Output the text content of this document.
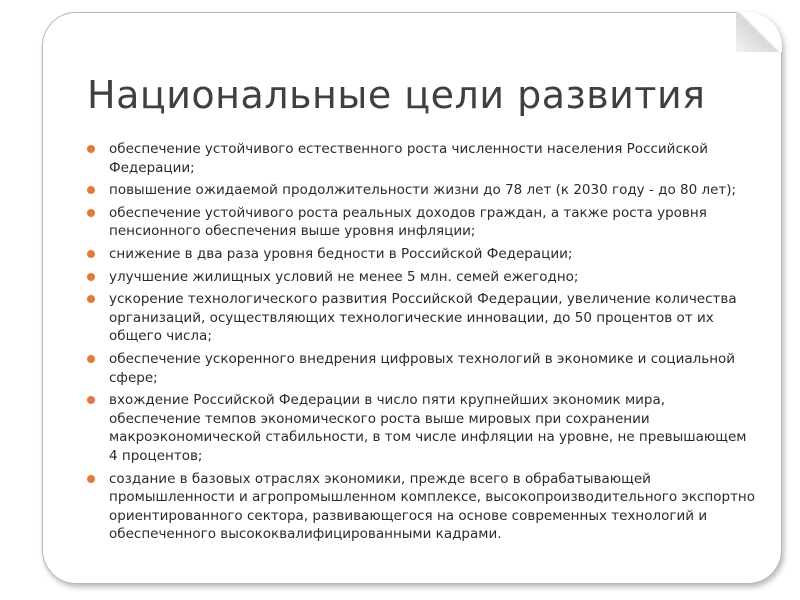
Национальные цели развития
обеспечение устойчивого естественного роста численности населения Российской Федерации;
повышение ожидаемой продолжительности жизни до 78 лет (к 2030 году - до 80 лет);
обеспечение устойчивого роста реальных доходов граждан, а также роста уровня пенсионного обеспечения выше уровня инфляции;
снижение в два раза уровня бедности в Российской Федерации;
улучшение жилищных условий не менее 5 млн. семей ежегодно;
ускорение технологического развития Российской Федерации, увеличение количества организаций, осуществляющих технологические инновации, до 50 процентов от их общего числа;
обеспечение ускоренного внедрения цифровых технологий в экономике и социальной сфере;
вхождение Российской Федерации в число пяти крупнейших экономик мира, обеспечение темпов экономического роста выше мировых при сохранении макроэкономической стабильности, в том числе инфляции на уровне, не превышающем 4 процентов;
создание в базовых отраслях экономики, прежде всего в обрабатывающей промышленности и агропромышленном комплексе, высокопроизводительного экспортно ориентированного сектора, развивающегося на основе современных технологий и обеспеченного высококвалифицированными кадрами.
